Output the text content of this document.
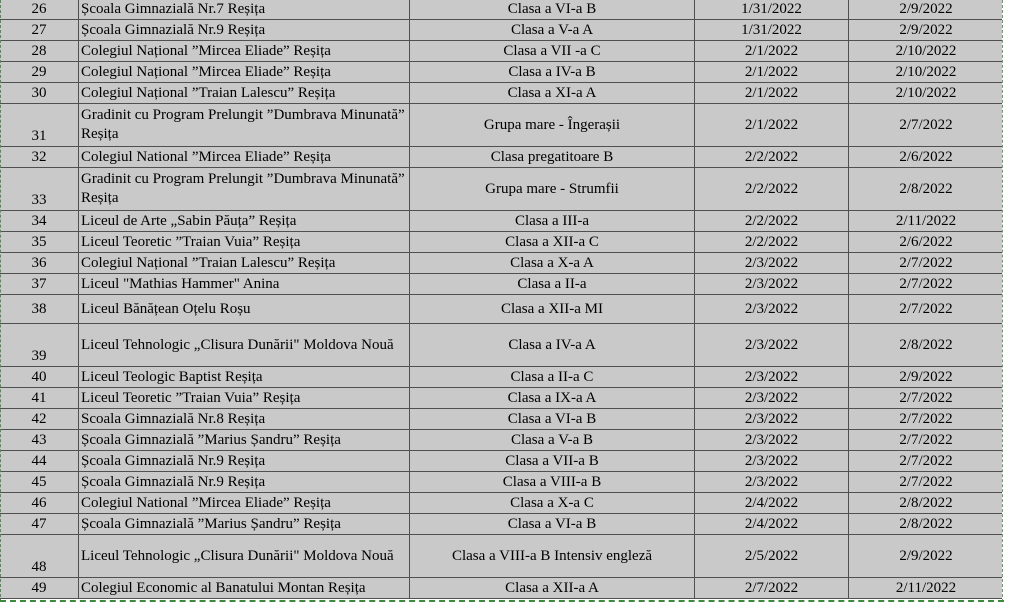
26	Școala Gimnazială Nr.7 Reșița	Clasa a VI-a B	1/31/2022	2/9/2022
27	Școala Gimnazială Nr.9 Reșița	Clasa a V-a A	1/31/2022	2/9/2022
28	Colegiul Național ”Mircea Eliade” Reșița	Clasa a VII -a C	2/1/2022	2/10/2022
29	Colegiul Național ”Mircea Eliade” Reșița	Clasa a IV-a B	2/1/2022	2/10/2022
30	Colegiul Național ”Traian Lalescu” Reșița	Clasa a XI-a A	2/1/2022	2/10/2022
31	Gradinit cu Program Prelungit ”Dumbrava Minunată” Reșița	Grupa mare - Îngerașii	2/1/2022	2/7/2022
32	Colegiul National ”Mircea Eliade” Reșița	Clasa pregatitoare B	2/2/2022	2/6/2022
33	Gradinit cu Program Prelungit ”Dumbrava Minunată” Reșița	Grupa mare - Strumfii	2/2/2022	2/8/2022
34	Liceul de Arte „Sabin Păuța” Reșița	Clasa a III-a	2/2/2022	2/11/2022
35	Liceul Teoretic ”Traian Vuia” Reșița	Clasa a XII-a C	2/2/2022	2/6/2022
36	Colegiul Național ”Traian Lalescu” Reșița	Clasa a X-a A	2/3/2022	2/7/2022
37	Liceul "Mathias Hammer" Anina	Clasa a II-a	2/3/2022	2/7/2022
38	Liceul Bănățean Oțelu Roșu	Clasa a XII-a MI	2/3/2022	2/7/2022
39	Liceul Tehnologic „Clisura Dunării" Moldova Nouă	Clasa a IV-a A	2/3/2022	2/8/2022
40	Liceul Teologic Baptist Reșița	Clasa a II-a C	2/3/2022	2/9/2022
41	Liceul Teoretic ”Traian Vuia” Reșița	Clasa a IX-a A	2/3/2022	2/7/2022
42	Scoala Gimnazială Nr.8 Reșița	Clasa a VI-a B	2/3/2022	2/7/2022
43	Școala Gimnazială ”Marius Șandru” Reșița	Clasa a V-a B	2/3/2022	2/7/2022
44	Școala Gimnazială Nr.9 Reșița	Clasa a VII-a B	2/3/2022	2/7/2022
45	Școala Gimnazială Nr.9 Reșița	Clasa a VIII-a B	2/3/2022	2/7/2022
46	Colegiul National ”Mircea Eliade” Reșița	Clasa a X-a C	2/4/2022	2/8/2022
47	Școala Gimnazială ”Marius Șandru” Reșița	Clasa a VI-a B	2/4/2022	2/8/2022
48	Liceul Tehnologic „Clisura Dunării" Moldova Nouă	Clasa a VIII-a B Intensiv engleză	2/5/2022	2/9/2022
49	Colegiul Economic al Banatului Montan Reșița	Clasa a XII-a A	2/7/2022	2/11/2022
